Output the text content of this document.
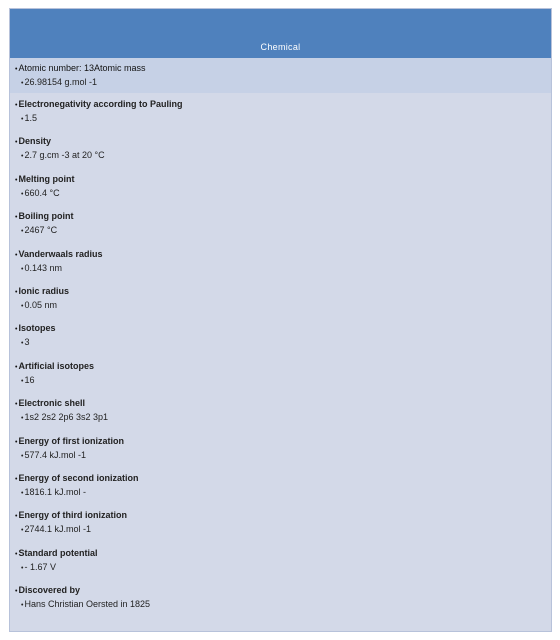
Chemical
•Atomic number: 13Atomic mass
•26.98154 g.mol -1
•Electronegativity according to Pauling
•1.5
•Density
•2.7 g.cm -3 at 20 °C
•Melting point
•660.4 °C
•Boiling point
•2467 °C
•Vanderwaals radius
•0.143 nm
•Ionic radius
•0.05 nm
•Isotopes
•3
•Artificial isotopes
•16
•Electronic shell
•1s2 2s2 2p6 3s2 3p1
•Energy of first ionization
•577.4 kJ.mol -1
•Energy of second ionization
•1816.1 kJ.mol -
•Energy of third ionization
•2744.1 kJ.mol -1
•Standard potential
•- 1.67 V
•Discovered by
•Hans Christian Oersted in 1825
